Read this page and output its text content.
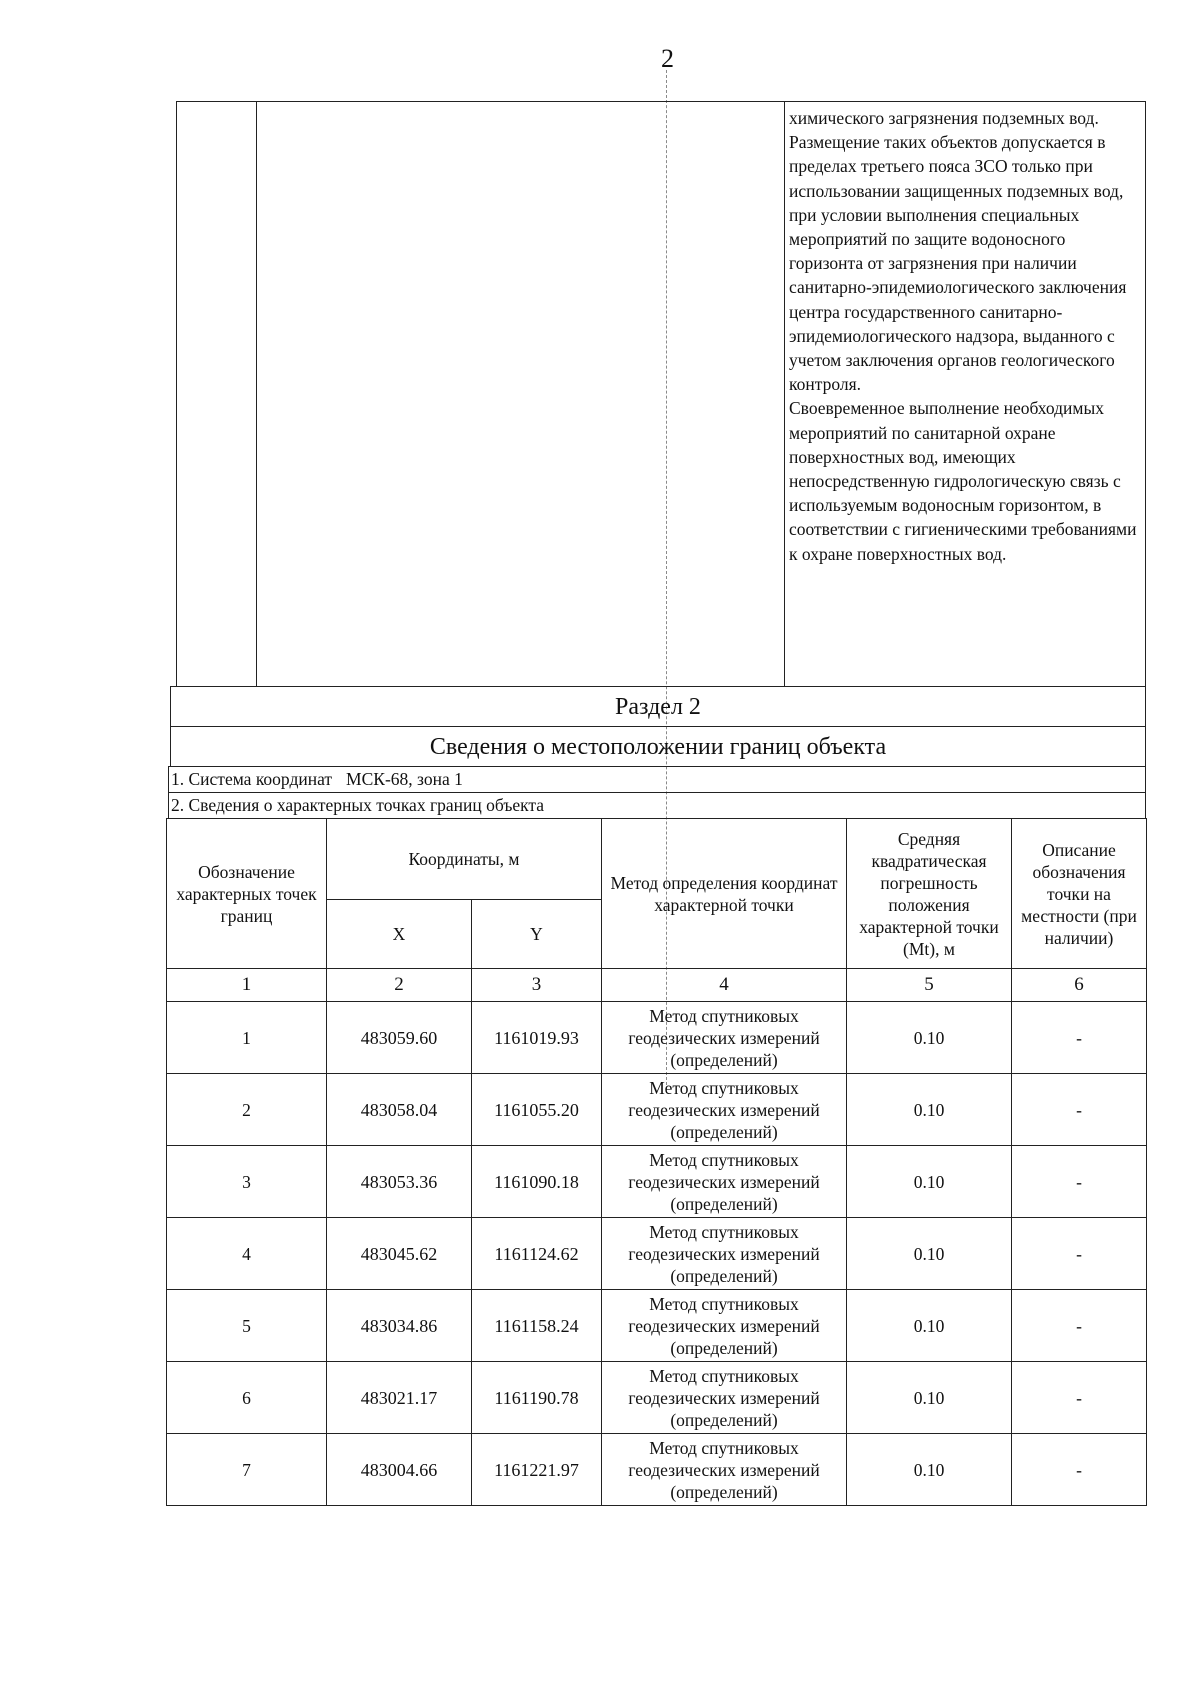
2

химического загрязнения подземных вод.

Размещение таких объектов допускается в пределах третьего пояса ЗСО только при использовании защищенных подземных вод, при условии выполнения специальных мероприятий по защите водоносного горизонта от загрязнения при наличии санитарно-эпидемиологического заключения центра государственного санитарно-эпидемиологического надзора, выданного с учетом заключения органов геологического контроля.

Своевременное выполнение необходимых мероприятий по санитарной охране поверхностных вод, имеющих непосредственную гидрологическую связь с используемым водоносным горизонтом, в соответствии с гигиеническими требованиями к охране поверхностных вод.

Раздел 2
Сведения о местоположении границ объекта
1. Система координат МСК-68, зона 1
2. Сведения о характерных точках границ объекта
Обозначение характерных точек границ	Координаты, м		Метод определения координат характерной точки	Средняя квадратическая погрешность положения характерной точки (Mt), м	Описание обозначения точки на местности (при наличии)
	X	Y			
1	2	3	4	5	6
1	483059.60	1161019.93	Метод спутниковых геодезических измерений (определений)	0.10	-
2	483058.04	1161055.20	Метод спутниковых геодезических измерений (определений)	0.10	-
3	483053.36	1161090.18	Метод спутниковых геодезических измерений (определений)	0.10	-
4	483045.62	1161124.62	Метод спутниковых геодезических измерений (определений)	0.10	-
5	483034.86	1161158.24	Метод спутниковых геодезических измерений (определений)	0.10	-
6	483021.17	1161190.78	Метод спутниковых геодезических измерений (определений)	0.10	-
7	483004.66	1161221.97	Метод спутниковых геодезических измерений (определений)	0.10	-
